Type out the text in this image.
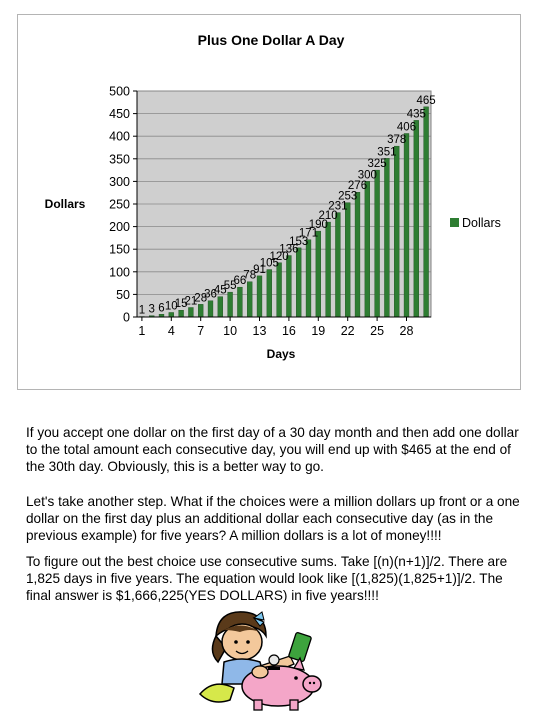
Plus One Dollar A Day
0
50
100
150
200
250
300
350
400
450
500
1 4 7 10 13 16 19 22 25 28
1 3 6 10
15
21
28
36
45
55
66
78
91
105
120
136
153
171
190
210
231
253
276
300
325
351
378
406
435
465
Dollars
Days
Dollars

If you accept one dollar on the first day of a 30 day month and then add one dollar to the total amount each consecutive day, you will end up with $465 at the end of the 30th day. Obviously, this is a better way to go.

Let's take another step. What if the choices were a million dollars up front or a one dollar on the first day plus an additional dollar each consecutive day (as in the previous example) for five years? A million dollars is a lot of money!!!!

To figure out the best choice use consecutive sums. Take [(n)(n+1)]/2. There are 1,825 days in five years. The equation would look like [(1,825)(1,825+1)]/2. The final answer is $1,666,225(YES DOLLARS) in five years!!!!
